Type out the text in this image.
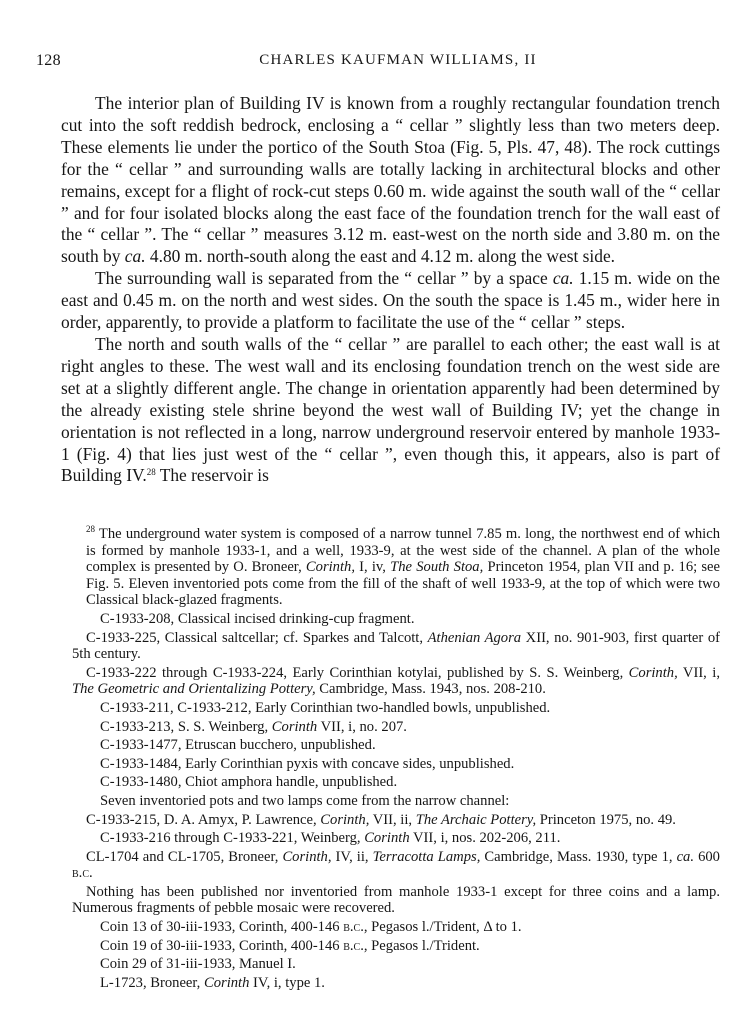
128	CHARLES KAUFMAN WILLIAMS, II

The interior plan of Building IV is known from a roughly rectangular foundation trench cut into the soft reddish bedrock, enclosing a “ cellar ” slightly less than two meters deep. These elements lie under the portico of the South Stoa (Fig. 5, Pls. 47, 48). The rock cuttings for the “ cellar ” and surrounding walls are totally lacking in architectural blocks and other remains, except for a flight of rock-cut steps 0.60 m. wide against the south wall of the “ cellar ” and for four isolated blocks along the east face of the foundation trench for the wall east of the “ cellar ”. The “ cellar ” measures 3.12 m. east-west on the north side and 3.80 m. on the south by ca. 4.80 m. north-south along the east and 4.12 m. along the west side.

The surrounding wall is separated from the “ cellar ” by a space ca. 1.15 m. wide on the east and 0.45 m. on the north and west sides. On the south the space is 1.45 m., wider here in order, apparently, to provide a platform to facilitate the use of the “ cellar ” steps.

The north and south walls of the “ cellar ” are parallel to each other; the east wall is at right angles to these. The west wall and its enclosing foundation trench on the west side are set at a slightly different angle. The change in orientation apparently had been determined by the already existing stele shrine beyond the west wall of Building IV; yet the change in orientation is not reflected in a long, narrow underground reservoir entered by manhole 1933-1 (Fig. 4) that lies just west of the “ cellar ”, even though this, it appears, also is part of Building IV.$^{28}$ The reservoir is

$^{28}$ The underground water system is composed of a narrow tunnel 7.85 m. long, the northwest end of which is formed by manhole 1933-1, and a well, 1933-9, at the west side of the channel. A plan of the whole complex is presented by O. Broneer, Corinth, I, iv, The South Stoa, Princeton 1954, plan VII and p. 16; see Fig. 5. Eleven inventoried pots come from the fill of the shaft of well 1933-9, at the top of which were two Classical black-glazed fragments.
C-1933-208, Classical incised drinking-cup fragment.
C-1933-225, Classical saltcellar; cf. Sparkes and Talcott, Athenian Agora XII, no. 901-903, first quarter of 5th century.
C-1933-222 through C-1933-224, Early Corinthian kotylai, published by S. S. Weinberg, Corinth, VII, i, The Geometric and Orientalizing Pottery, Cambridge, Mass. 1943, nos. 208-210.
C-1933-211, C-1933-212, Early Corinthian two-handled bowls, unpublished.
C-1933-213, S. S. Weinberg, Corinth VII, i, no. 207.
C-1933-1477, Etruscan bucchero, unpublished.
C-1933-1484, Early Corinthian pyxis with concave sides, unpublished.
C-1933-1480, Chiot amphora handle, unpublished.
Seven inventoried pots and two lamps come from the narrow channel:
C-1933-215, D. A. Amyx, P. Lawrence, Corinth, VII, ii, The Archaic Pottery, Princeton 1975, no. 49.
C-1933-216 through C-1933-221, Weinberg, Corinth VII, i, nos. 202-206, 211.
CL-1704 and CL-1705, Broneer, Corinth, IV, ii, Terracotta Lamps, Cambridge, Mass. 1930, type 1, ca. 600 b.c.
Nothing has been published nor inventoried from manhole 1933-1 except for three coins and a lamp. Numerous fragments of pebble mosaic were recovered.
Coin 13 of 30-iii-1933, Corinth, 400-146 b.c., Pegasos l./Trident, Δ to 1.
Coin 19 of 30-iii-1933, Corinth, 400-146 b.c., Pegasos l./Trident.
Coin 29 of 31-iii-1933, Manuel I.
L-1723, Broneer, Corinth IV, i, type 1.
